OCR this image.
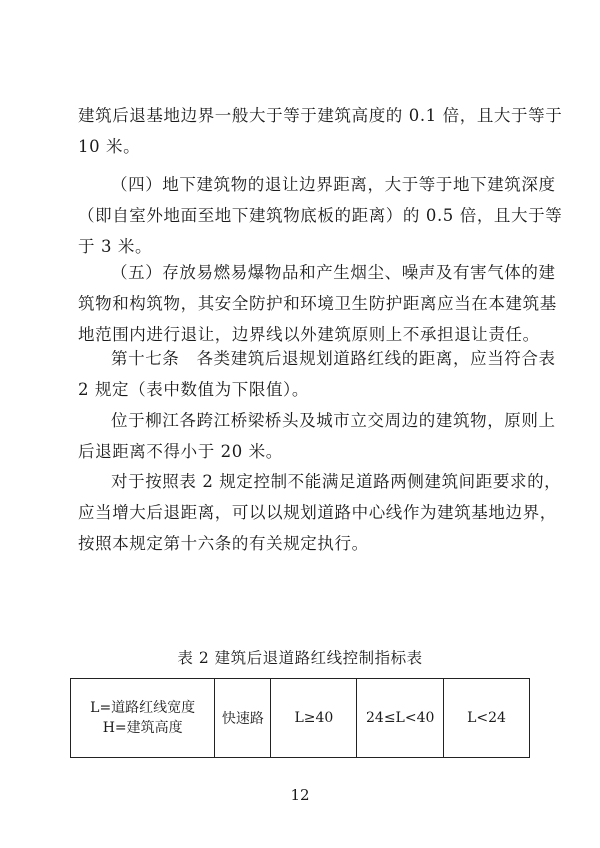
建筑后退基地边界一般大于等于建筑高度的 0.1 倍，且大于等于
10 米。

（四）地下建筑物的退让边界距离，大于等于地下建筑深度
（即自室外地面至地下建筑物底板的距离）的 0.5 倍，且大于等
于 3 米。

（五）存放易燃易爆物品和产生烟尘、噪声及有害气体的建
筑物和构筑物，其安全防护和环境卫生防护距离应当在本建筑基
地范围内进行退让，边界线以外建筑原则上不承担退让责任。

第十七条　各类建筑后退规划道路红线的距离，应当符合表
2 规定（表中数值为下限值）。

位于柳江各跨江桥梁桥头及城市立交周边的建筑物，原则上
后退距离不得小于 20 米。

对于按照表 2 规定控制不能满足道路两侧建筑间距要求的，
应当增大后退距离，可以以规划道路中心线作为建筑基地边界，
按照本规定第十六条的有关规定执行。

表 2 建筑后退道路红线控制指标表

L=道路红线宽度
H=建筑高度
	快速路	L≥40	24≤L<40	L<24

12
